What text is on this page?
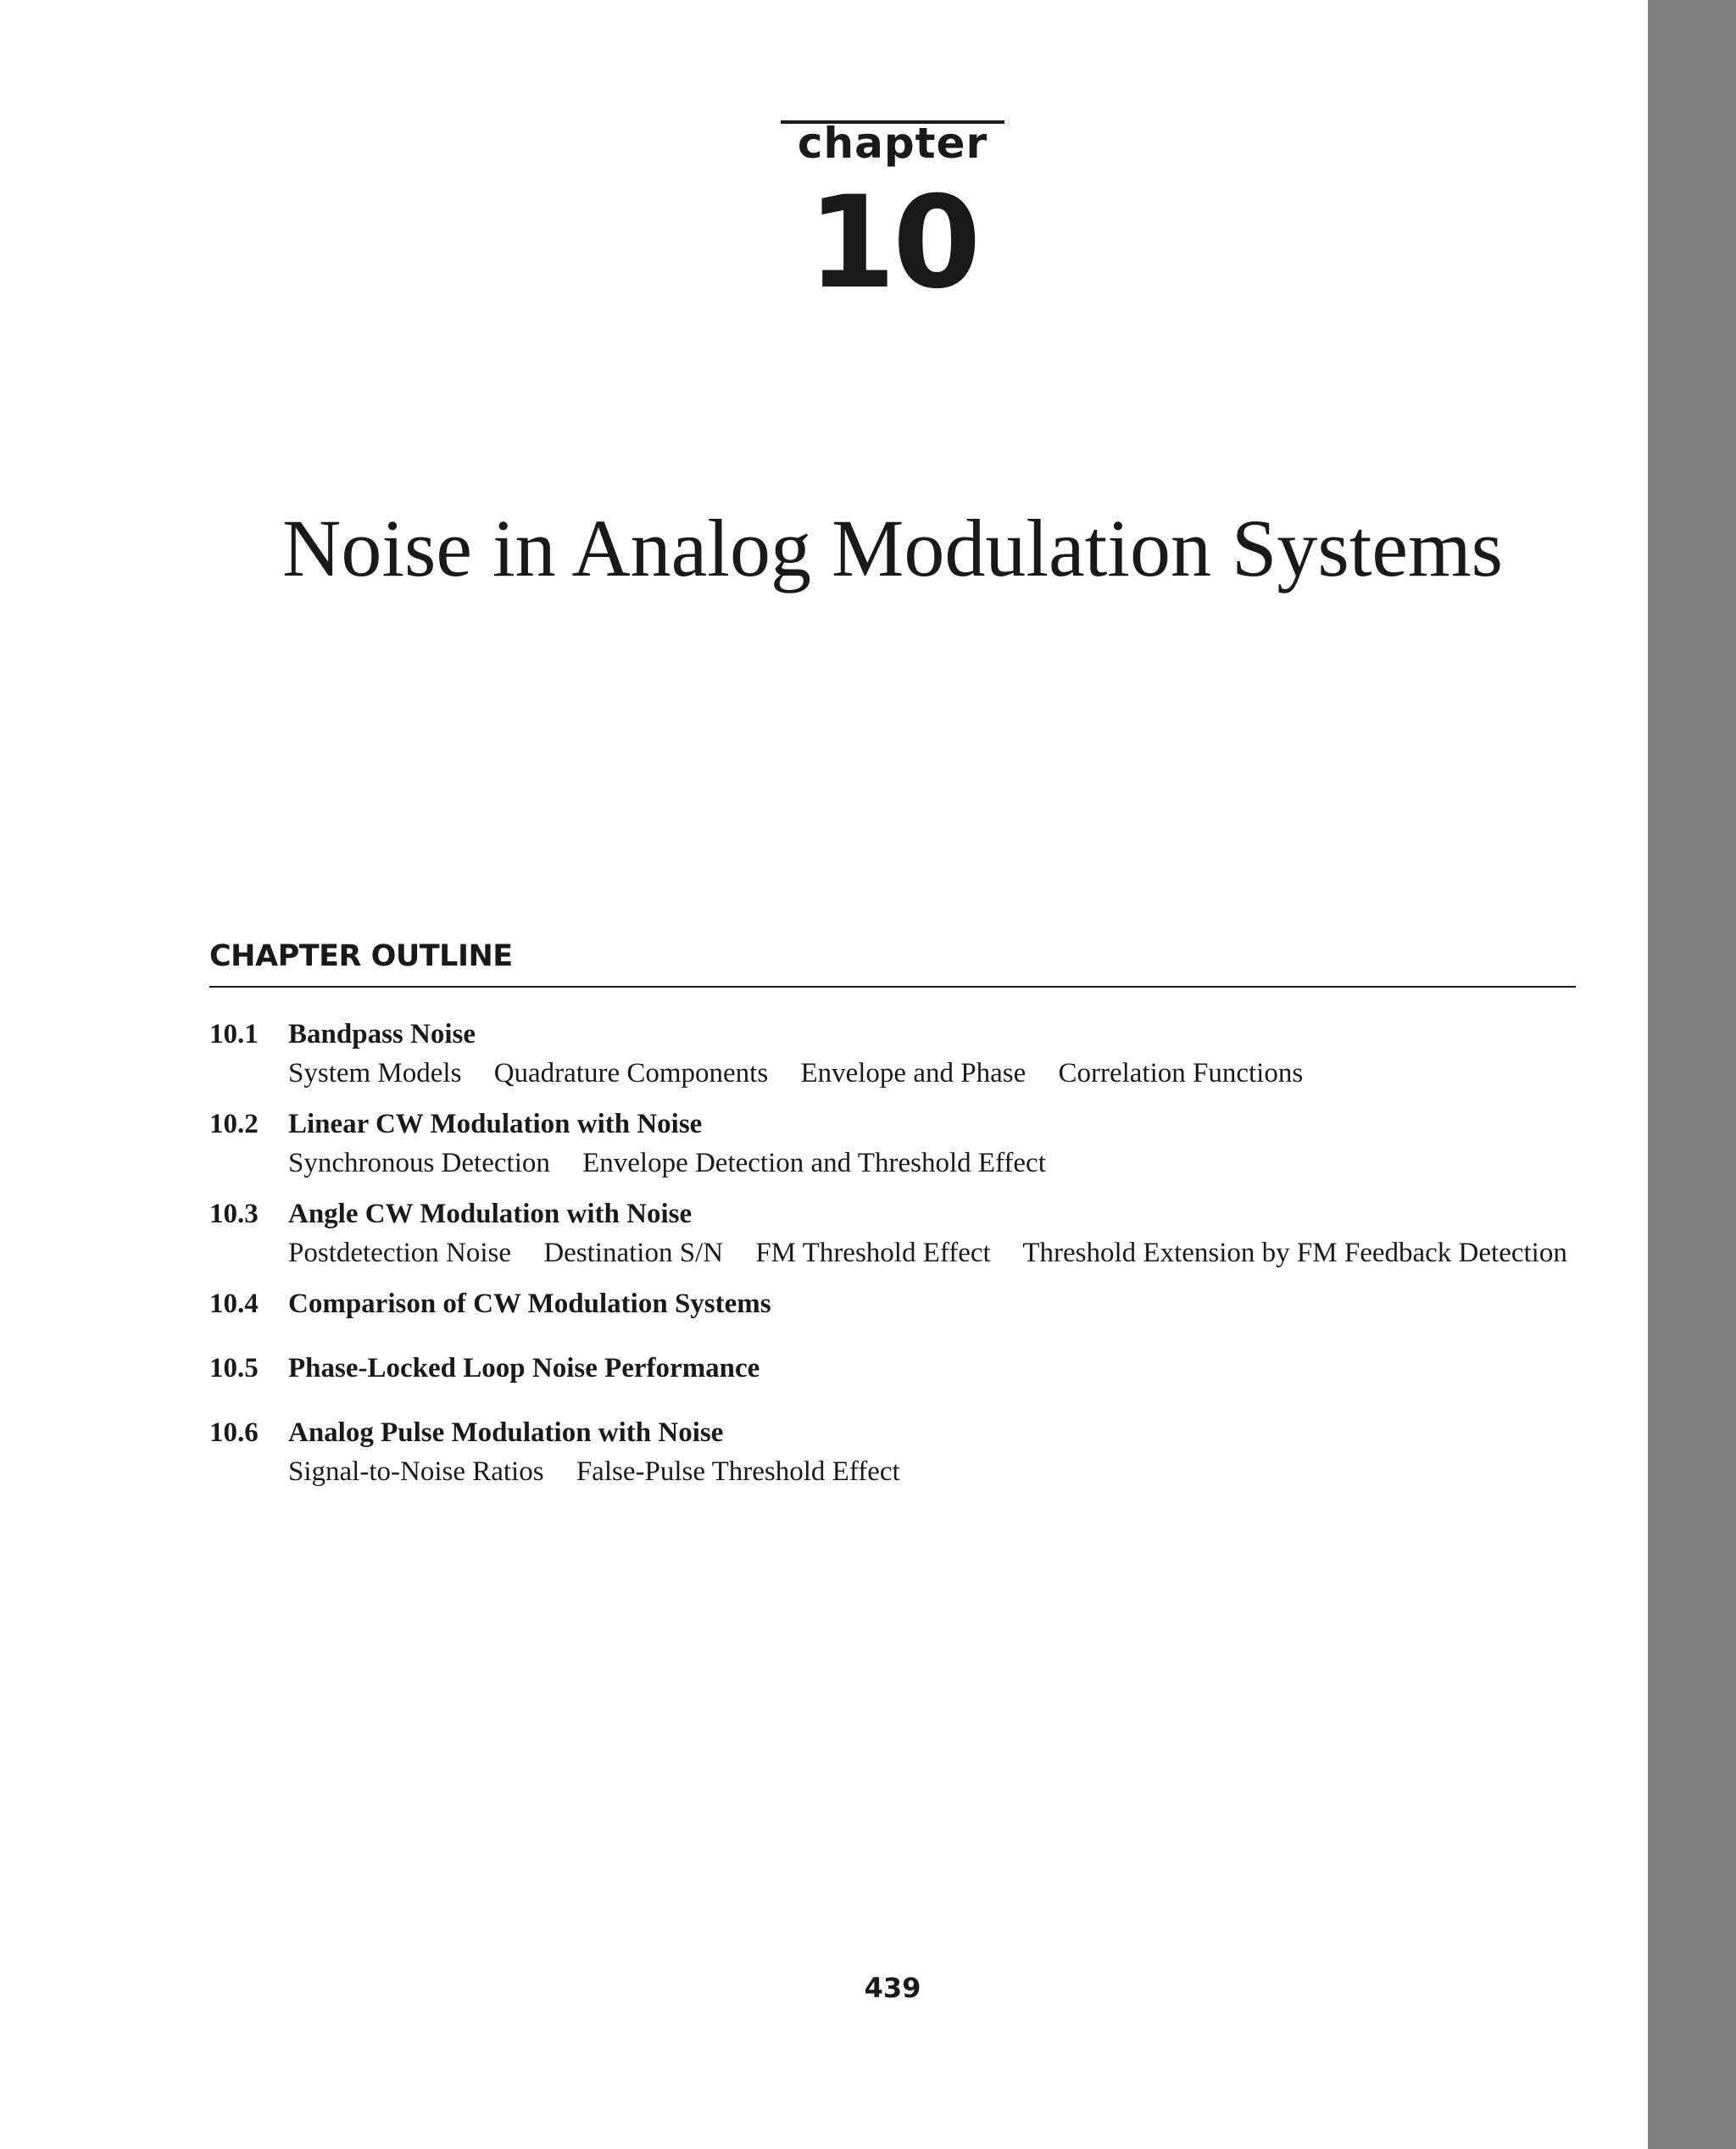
chapter
10
Noise in Analog Modulation Systems
CHAPTER OUTLINE
10.1	Bandpass Noise
System Models Quadrature Components Envelope and Phase Correlation Functions
10.2	Linear CW Modulation with Noise
Synchronous Detection Envelope Detection and Threshold Effect
10.3	Angle CW Modulation with Noise
Postdetection Noise Destination S/N FM Threshold Effect Threshold Extension by FM Feedback Detection
10.4	Comparison of CW Modulation Systems
10.5	Phase-Locked Loop Noise Performance
10.6	Analog Pulse Modulation with Noise
Signal-to-Noise Ratios False-Pulse Threshold Effect
439
